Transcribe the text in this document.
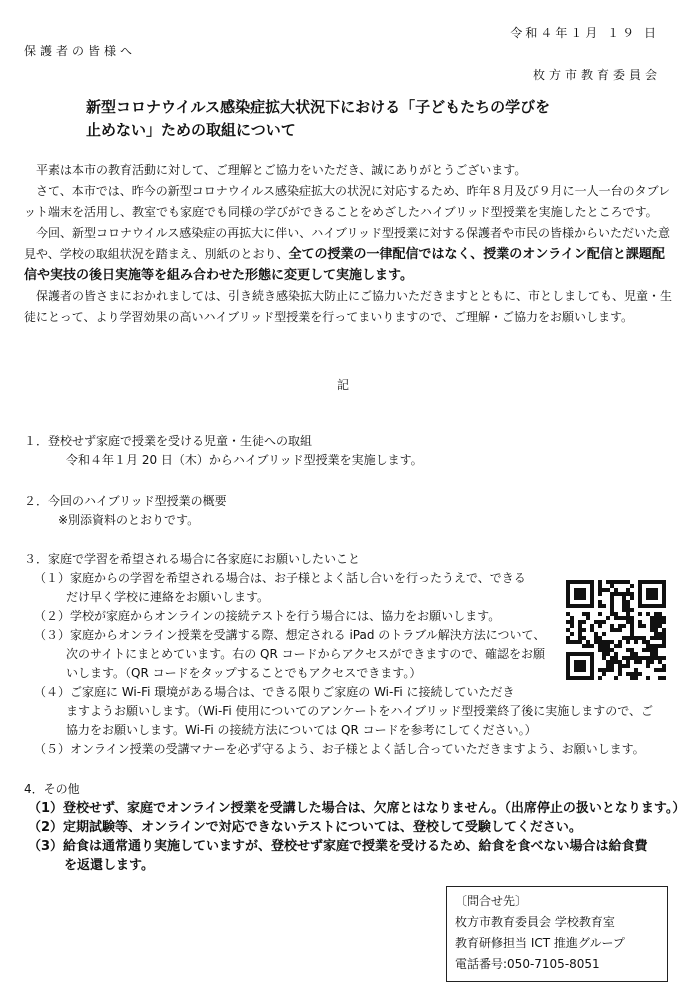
令和４年１月 １９ 日
保護者の皆様へ
枚方市教育委員会
新型コロナウイルス感染症拡大状況下における「子どもたちの学びを
止めない」ための取組について

平素は本市の教育活動に対して、ご理解とご協力をいただき、誠にありがとうございます。

さて、本市では、昨今の新型コロナウイルス感染症拡大の状況に対応するため、昨年８月及び９月に一人一台のタブレット端末を活用し、教室でも家庭でも同様の学びができることをめざしたハイブリッド型授業を実施したところです。

今回、新型コロナウイルス感染症の再拡大に伴い、ハイブリッド型授業に対する保護者や市民の皆様からいただいた意見や、学校の取組状況を踏まえ、別紙のとおり、全ての授業の一律配信ではなく、授業のオンライン配信と課題配信や実技の後日実施等を組み合わせた形態に変更して実施します。

保護者の皆さまにおかれましては、引き続き感染拡大防止にご協力いただきますとともに、市としましても、児童・生徒にとって、より学習効果の高いハイブリッド型授業を行ってまいりますので、ご理解・ご協力をお願いします。

記
１．登校せず家庭で授業を受ける児童・生徒への取組
令和４年１月 20 日（木）からハイブリッド型授業を実施します。
２．今回のハイブリッド型授業の概要
※別添資料のとおりです。
３．家庭で学習を希望される場合に各家庭にお願いしたいこと
（１）家庭からの学習を希望される場合は、お子様とよく話し合いを行ったうえで、できる
だけ早く学校に連絡をお願いします。
（２）学校が家庭からオンラインの接続テストを行う場合には、協力をお願いします。
（３）家庭からオンライン授業を受講する際、想定される iPad のトラブル解決方法について、
次のサイトにまとめています。右の QR コードからアクセスができますので、確認をお願
いします。（QR コードをタップすることでもアクセスできます。）
（４）ご家庭に Wi-Fi 環境がある場合は、できる限りご家庭の Wi-Fi に接続していただき
ますようお願いします。（Wi-Fi 使用についてのアンケートをハイブリッド型授業終了後に実施しますので、ご
協力をお願いします。Wi-Fi の接続方法については QR コードを参考にしてください。）
（５）オンライン授業の受講マナーを必ず守るよう、お子様とよく話し合っていただきますよう、お願いします。
4．その他
（1）登校せず、家庭でオンライン授業を受講した場合は、欠席とはなりません。（出席停止の扱いとなります。）
（2）定期試験等、オンラインで対応できないテストについては、登校して受験してください。
（3）給食は通常通り実施していますが、登校せず家庭で授業を受けるため、給食を食べない場合は給食費
を返還します。
〔問合せ先〕
枚方市教育委員会 学校教育室
教育研修担当 ICT 推進グループ
電話番号:050-7105-8051
